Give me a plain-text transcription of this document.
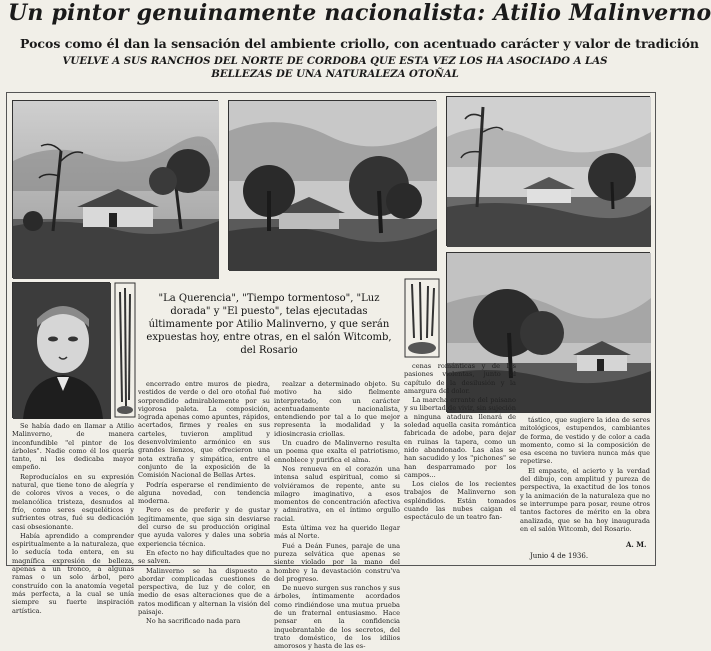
Un pintor genuinamente nacionalista: Atilio Malinverno
Pocos como él dan la sensación del ambiente criollo, con acentuado carácter y valor de tradición
VUELVE A SUS RANCHOS DEL NORTE DE CORDOBA QUE ESTA VEZ LOS HA ASOCIADO A LAS BELLEZAS DE UNA NATURALEZA OTOÑAL
"La Querencia", "Tiempo tormentoso", "Luz dorada" y "El puesto", telas ejecutadas últimamente por Atilio Malinverno, y que serán expuestas hoy, entre otras, en el salón Witcomb, del Rosario

Se había dado en llamar a Atilio Malinverno, de manera inconfundible "el pintor de los árboles". Nadie como él los quería tanto, ni les dedicaba mayor empeño.

Reproducíalos en su expresión natural, que tiene tono de alegría y de colores vivos a veces, o de melancólica tristeza, desnudos al frío, como seres esqueléticos y sufrientes otras, fué su dedicación casi obsesionante.

Había aprendido a comprender espiritualmente a la naturaleza, que lo seducía toda entera, en su magnífica expresión de belleza, apenas a un tronco, a algunas ramas o un solo árbol, pero construído con la anatomía vegetal más perfecta, a la cual se unía siempre su fuerte inspiración artística.

encerrado entre muros de piedra, vestidos de verde o del oro otoñal fué sorprendido admirablemente por su vigorosa paleta. La composición, lograda apenas como apuntes, rápidos, acertados, firmes y reales en sus carteles, tuvieron amplitud y desenvolvimiento armónico en sus grandes lienzos, que ofrecieron una nota extraña y simpática, entre el conjunto de la exposición de la Comisión Nacional de Bellas Artes.

Podría esperarse el rendimiento de alguna novedad, con tendencia moderna.

Pero es de preferir y de gustar legítimamente, que siga sin desviarse del curso de su producción original que ayuda valores y dales una sobria experiencia técnica.

En efecto no hay dificultades que no se salven.

Malinverno se ha dispuesto a abordar complicadas cuestiones de perspectiva, de luz y de color, en medio de esas alteraciones que de a ratos modifican y alternan la visión del paisaje.

No ha sacrificado nada para

realzar a determinado objeto. Su motivo ha sido fielmente interpretado, con un carácter acentuadamente nacionalista, entendiendo por tal a lo que mejor representa la modalidad y la idiosincrasia criollas.

Un cuadro de Malinverno resulta un poema que exalta el patriotismo, ennoblece y purifica el alma.

Nos renueva en el corazón una intensa salud espiritual, como si volviéramos de repente, ante su milagro imaginativo, a esos momentos de concentración afectiva y admirativa, en el íntimo orgullo racial.

Esta última vez ha querido llegar más al Norte.

Fué a Deán Funes, paraje de una pureza selvática que apenas se siente violado por la mano del hombre y la devastación constru'va del progreso.

De nuevo surgen sus ranchos y sus árboles, íntimamente acordados como rindiéndose una mutua prueba de un fraternal entusiasmo. Hace pensar en la confidencia inquebrantable de los secretos, del trato doméstico, de los idilios amorosos y hasta de las es-

cenas románticas y de las pasiones violentas, junto al capítulo de la desilusión y la amargura del dolor.

La marcha errante del paisano y su libertad de vivir, sin sujeción a ninguna atadura llenará de soledad aquella casita romántica fabricada de adobe, para dejar en ruinas la tapera, como un nido abandonado. Las alas se han sacudido y los "pichones" se han desparramado por los campos...

Los cielos de los recientes trabajos de Malinverno son espléndidos. Están tomados cuando las nubes caigan el espectáculo de un teatro fan-

tástico, que sugiere la idea de seres mitológicos, estupendos, cambiantes de forma, de vestido y de color a cada momento, como si la composición de esa escena no tuviera nunca más que repetirse.

El empaste, el acierto y la verdad del dibujo, con amplitud y pureza de perspectiva, la exactitud de los tonos y la animación de la naturaleza que no se interrumpe para posar, reune otros tantos factores de mérito en la obra analizada, que se ha hoy inaugurada en el salón Witcomb, del Rosario.

Junio 4 de 1936.
A. M.
